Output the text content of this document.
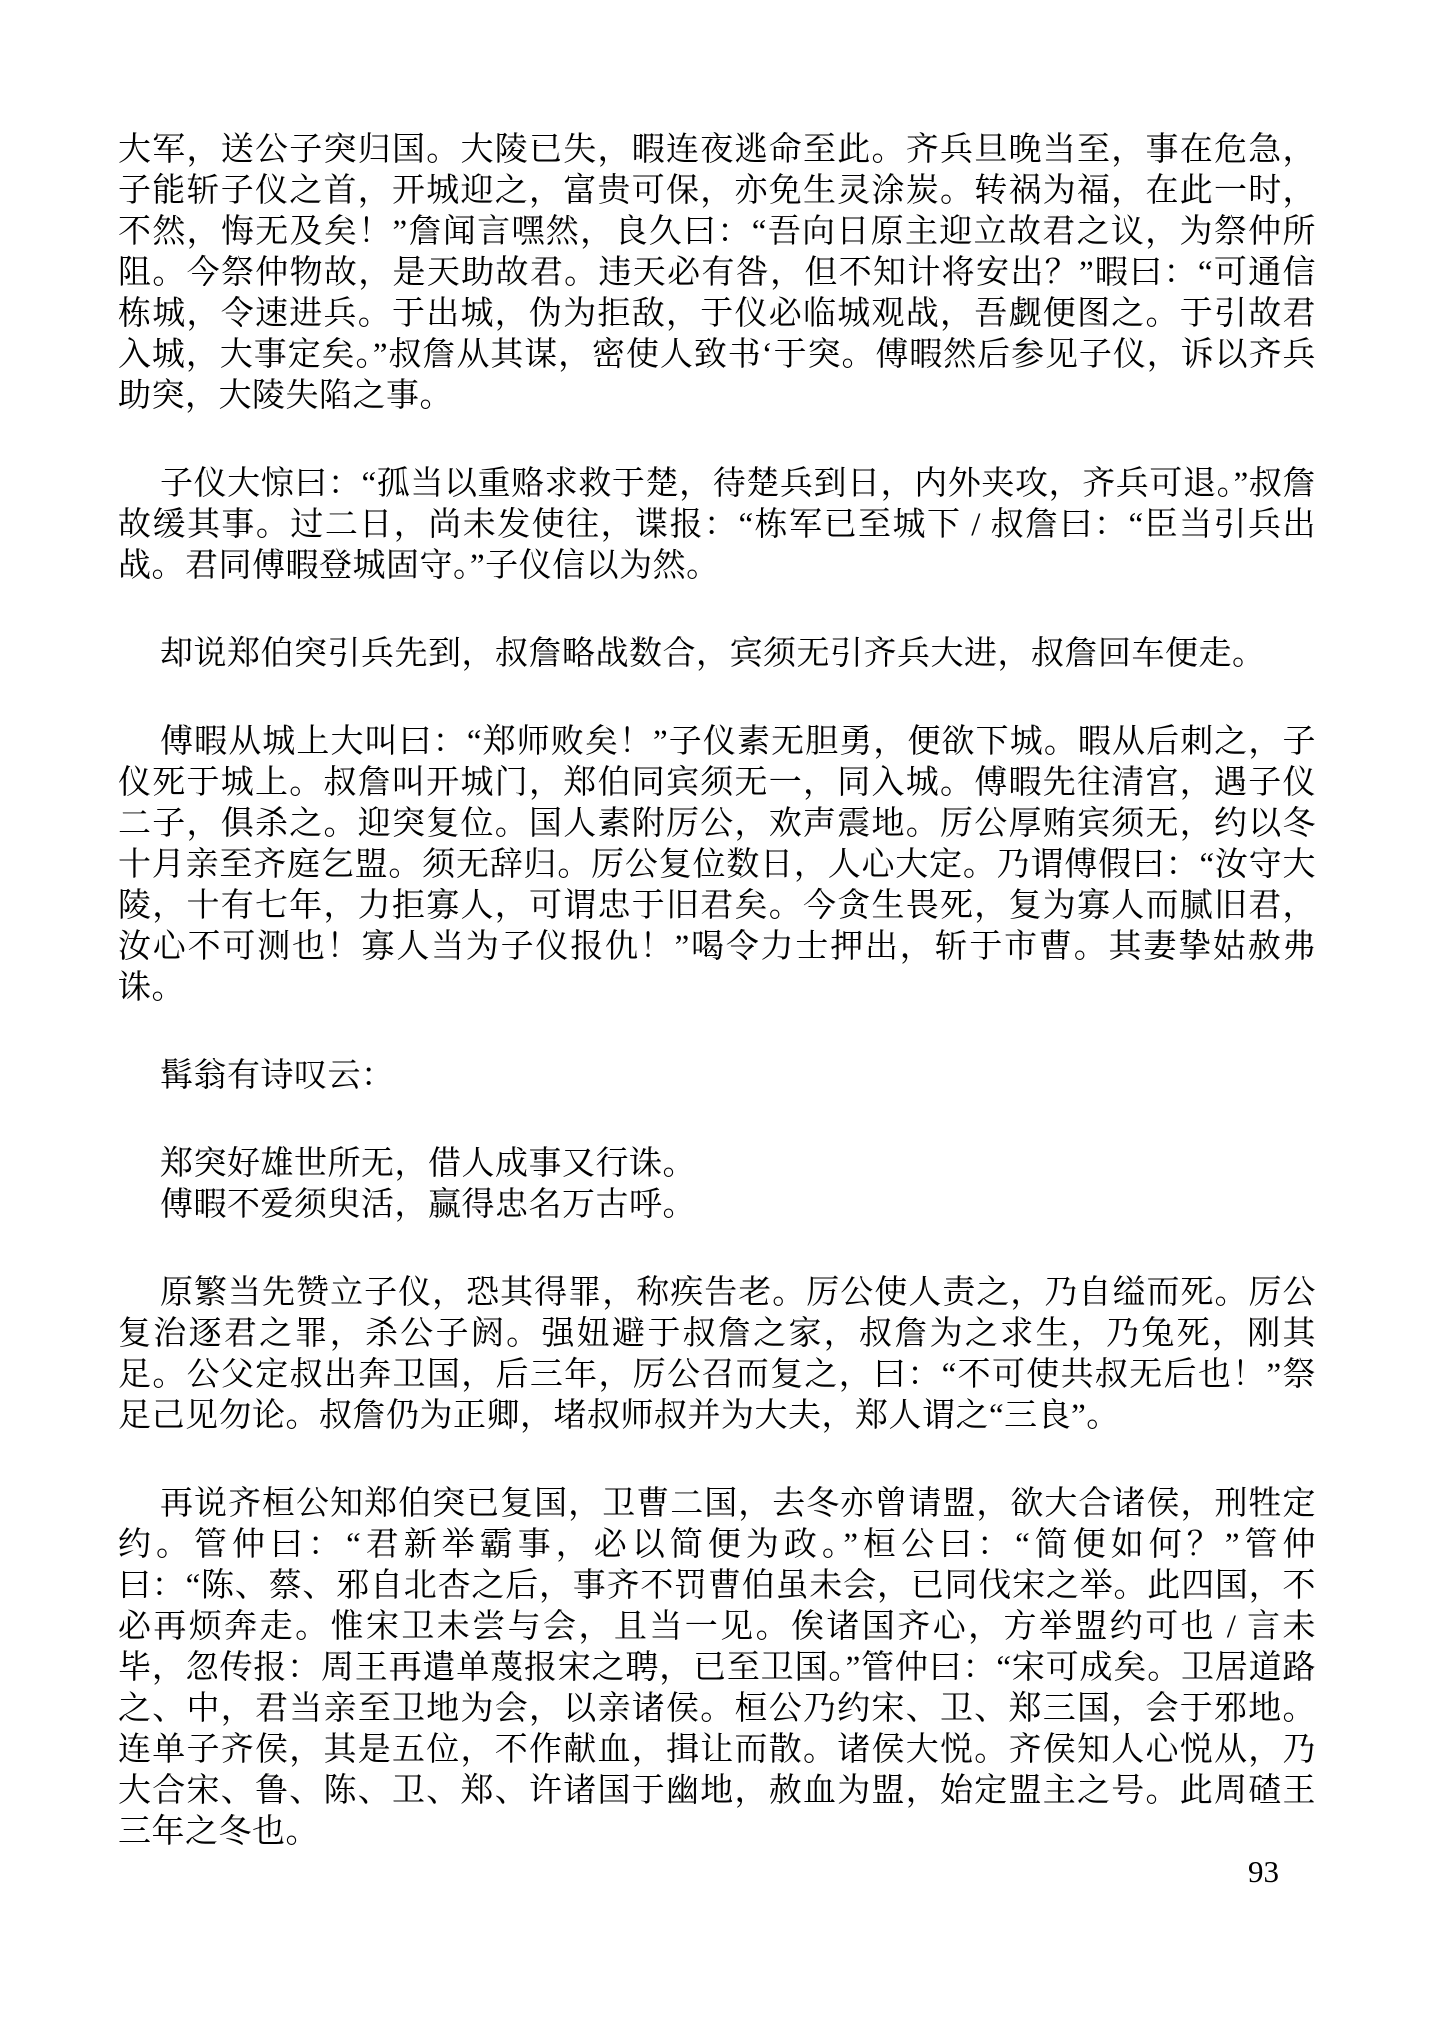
大军，送公子突归国。大陵已失，暇连夜逃命至此。齐兵旦晚当至，事在危急，子能斩子仪之首，开城迎之，富贵可保，亦免生灵涂炭。转祸为福，在此一时，不然，悔无及矣！”詹闻言嘿然，良久曰：“吾向日原主迎立故君之议，为祭仲所阻。今祭仲物故，是天助故君。违天必有咎，但不知计将安出？”暇曰：“可通信栋城，令速进兵。于出城，伪为拒敌，于仪必临城观战，吾觑便图之。于引故君入城，大事定矣。”叔詹从其谋，密使人致书‘于突。傅暇然后参见子仪，诉以齐兵助突，大陵失陷之事。

子仪大惊曰：“孤当以重赂求救于楚，待楚兵到日，内外夹攻，齐兵可退。”叔詹故缓其事。过二日，尚未发使往，谍报：“栋军已至城下 / 叔詹曰：“臣当引兵出战。君同傅暇登城固守。”子仪信以为然。

却说郑伯突引兵先到，叔詹略战数合，宾须无引齐兵大进，叔詹回车便走。

傅暇从城上大叫曰：“郑师败矣！”子仪素无胆勇，便欲下城。暇从后刺之，子仪死于城上。叔詹叫开城门，郑伯同宾须无一，同入城。傅暇先往清宫，遇子仪二子，俱杀之。迎突复位。国人素附厉公，欢声震地。厉公厚贿宾须无，约以冬十月亲至齐庭乞盟。须无辞归。厉公复位数日，人心大定。乃谓傅假曰：“汝守大陵，十有七年，力拒寡人，可谓忠于旧君矣。今贪生畏死，复为寡人而腻旧君，汝心不可测也！寡人当为子仪报仇！”喝令力士押出，斩于市曹。其妻挚姑赦弗诛。

髯翁有诗叹云：

郑突好雄世所无，借人成事又行诛。

傅暇不爱须臾活，赢得忠名万古呼。

原繁当先赞立子仪，恐其得罪，称疾告老。厉公使人责之，乃自缢而死。厉公复治逐君之罪，杀公子阏。强妞避于叔詹之家，叔詹为之求生，乃兔死，刚其足。公父定叔出奔卫国，后三年，厉公召而复之，曰：“不可使共叔无后也！”祭足己见勿论。叔詹仍为正卿，堵叔师叔并为大夫，郑人谓之“三良”。

再说齐桓公知郑伯突已复国，卫曹二国，去冬亦曾请盟，欲大合诸侯，刑牲定约。管仲曰：“君新举霸事，必以简便为政。”桓公曰：“简便如何？”管仲曰：“陈、蔡、邪自北杏之后，事齐不罚曹伯虽未会，已同伐宋之举。此四国，不必再烦奔走。惟宋卫未尝与会，且当一见。俟诸国齐心，方举盟约可也 / 言未毕，忽传报：周王再遣单蔑报宋之聘，已至卫国。”管仲曰：“宋可成矣。卫居道路之、中，君当亲至卫地为会，以亲诸侯。桓公乃约宋、卫、郑三国，会于邪地。连单子齐侯，其是五位，不作献血，揖让而散。诸侯大悦。齐侯知人心悦从，乃大合宋、鲁、陈、卫、郑、许诸国于幽地，赦血为盟，始定盟主之号。此周碴王三年之冬也。

93
